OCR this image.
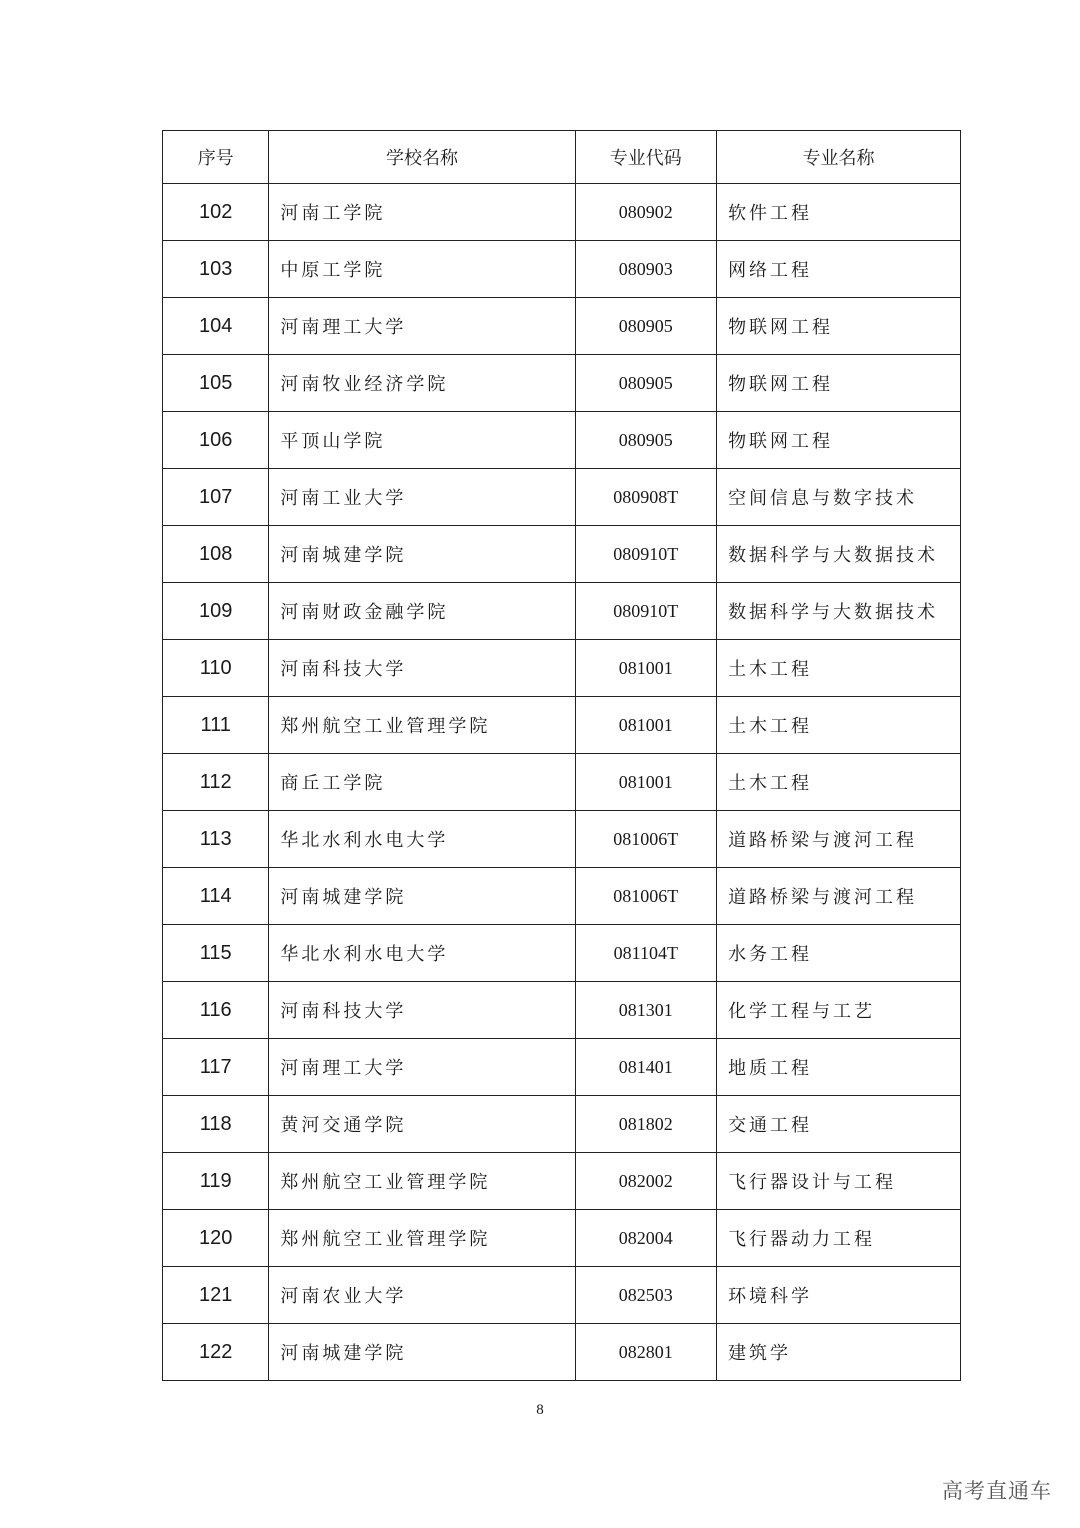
序号	学校名称	专业代码	专业名称
102	河南工学院	080902	软件工程
103	中原工学院	080903	网络工程
104	河南理工大学	080905	物联网工程
105	河南牧业经济学院	080905	物联网工程
106	平顶山学院	080905	物联网工程
107	河南工业大学	080908T	空间信息与数字技术
108	河南城建学院	080910T	数据科学与大数据技术
109	河南财政金融学院	080910T	数据科学与大数据技术
110	河南科技大学	081001	土木工程
111	郑州航空工业管理学院	081001	土木工程
112	商丘工学院	081001	土木工程
113	华北水利水电大学	081006T	道路桥梁与渡河工程
114	河南城建学院	081006T	道路桥梁与渡河工程
115	华北水利水电大学	081104T	水务工程
116	河南科技大学	081301	化学工程与工艺
117	河南理工大学	081401	地质工程
118	黄河交通学院	081802	交通工程
119	郑州航空工业管理学院	082002	飞行器设计与工程
120	郑州航空工业管理学院	082004	飞行器动力工程
121	河南农业大学	082503	环境科学
122	河南城建学院	082801	建筑学
8
高考直通车
